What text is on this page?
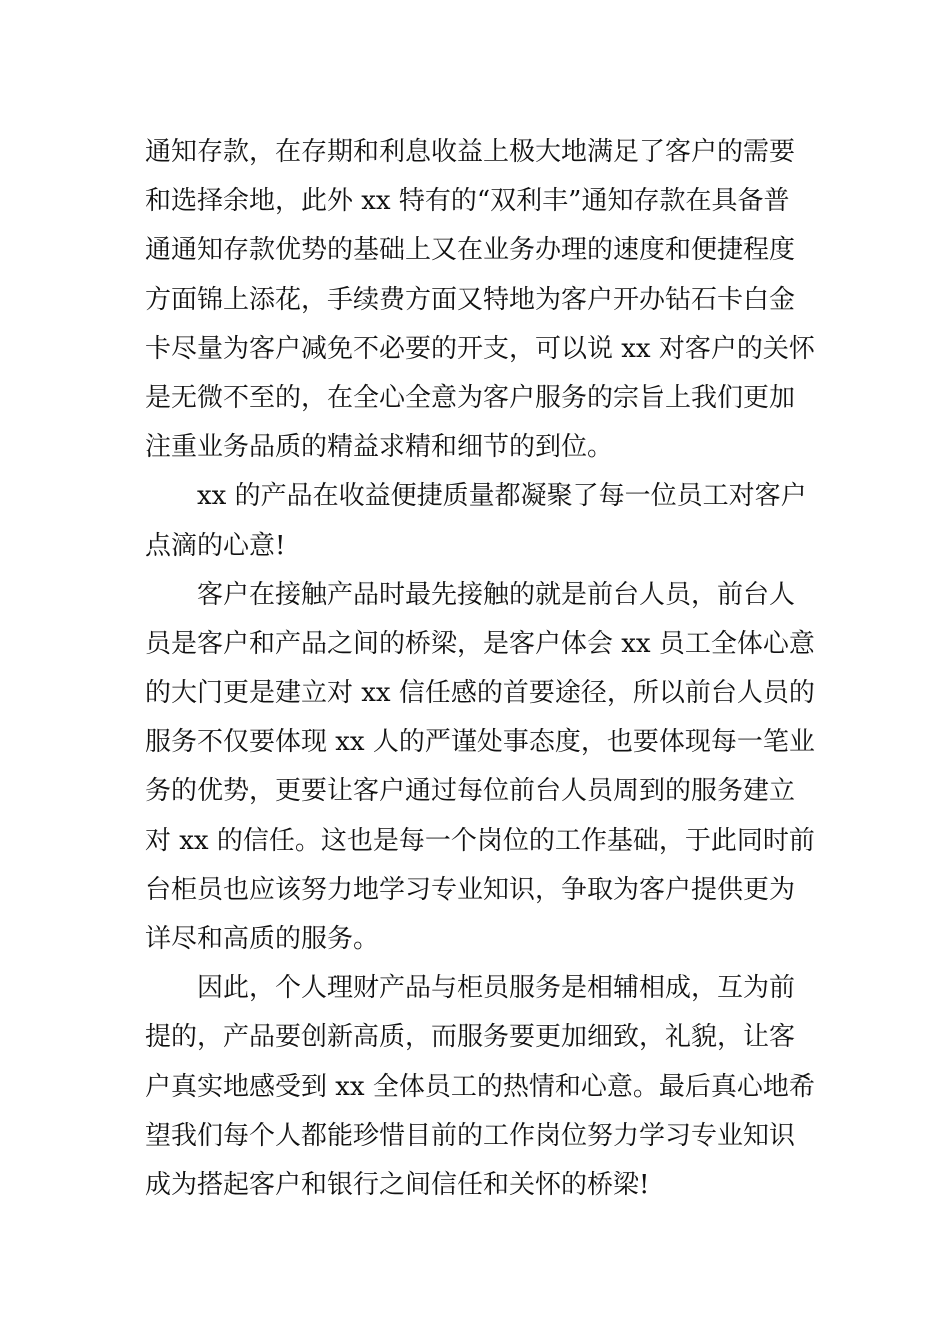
通知存款，在存期和利息收益上极大地满足了客户的需要
和选择余地，此外 xx 特有的“双利丰”通知存款在具备普
通通知存款优势的基础上又在业务办理的速度和便捷程度
方面锦上添花，手续费方面又特地为客户开办钻石卡白金
卡尽量为客户减免不必要的开支，可以说 xx 对客户的关怀
是无微不至的，在全心全意为客户服务的宗旨上我们更加
注重业务品质的精益求精和细节的到位。
xx 的产品在收益便捷质量都凝聚了每一位员工对客户
点滴的心意!
客户在接触产品时最先接触的就是前台人员，前台人
员是客户和产品之间的桥梁，是客户体会 xx 员工全体心意
的大门更是建立对 xx 信任感的首要途径，所以前台人员的
服务不仅要体现 xx 人的严谨处事态度，也要体现每一笔业
务的优势，更要让客户通过每位前台人员周到的服务建立
对 xx 的信任。这也是每一个岗位的工作基础，于此同时前
台柜员也应该努力地学习专业知识，争取为客户提供更为
详尽和高质的服务。
因此，个人理财产品与柜员服务是相辅相成，互为前
提的，产品要创新高质，而服务要更加细致，礼貌，让客
户真实地感受到 xx 全体员工的热情和心意。最后真心地希
望我们每个人都能珍惜目前的工作岗位努力学习专业知识
成为搭起客户和银行之间信任和关怀的桥梁!
